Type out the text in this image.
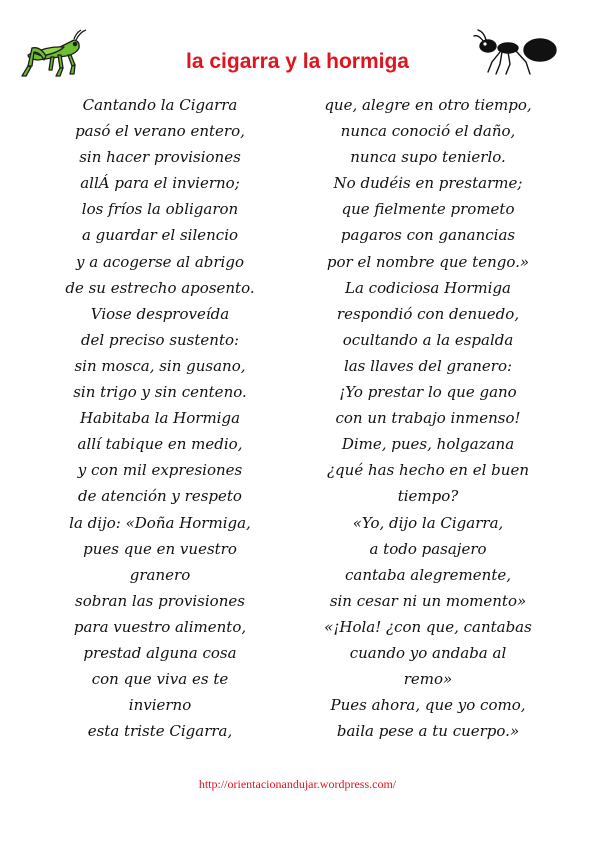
la cigarra y la hormiga
Cantando la Cigarra
pasó el verano entero,
sin hacer provisiones
allÁ para el invierno;
los fríos la obligaron
a guardar el silencio
y a acogerse al abrigo
de su estrecho aposento.
Viose desproveída
del preciso sustento:
sin mosca, sin gusano,
sin trigo y sin centeno.
Habitaba la Hormiga
allí tabique en medio,
y con mil expresiones
de atención y respeto
la dijo: «Doña Hormiga,
pues que en vuestro
granero
sobran las provisiones
para vuestro alimento,
prestad alguna cosa
con que viva es te
invierno
esta triste Cigarra,
que, alegre en otro tiempo,
nunca conoció el daño,
nunca supo tenierlo.
No dudéis en prestarme;
que fielmente prometo
pagaros con ganancias
por el nombre que tengo.»
La codiciosa Hormiga
respondió con denuedo,
ocultando a la espalda
las llaves del granero:
¡Yo prestar lo que gano
con un trabajo inmenso!
Dime, pues, holgazana
¿qué has hecho en el buen
tiempo?
«Yo, dijo la Cigarra,
a todo pasajero
cantaba alegremente,
sin cesar ni un momento»
«¡Hola! ¿con que, cantabas
cuando yo andaba al
remo»
Pues ahora, que yo como,
baila pese a tu cuerpo.»
http://orientacionandujar.wordpress.com/
